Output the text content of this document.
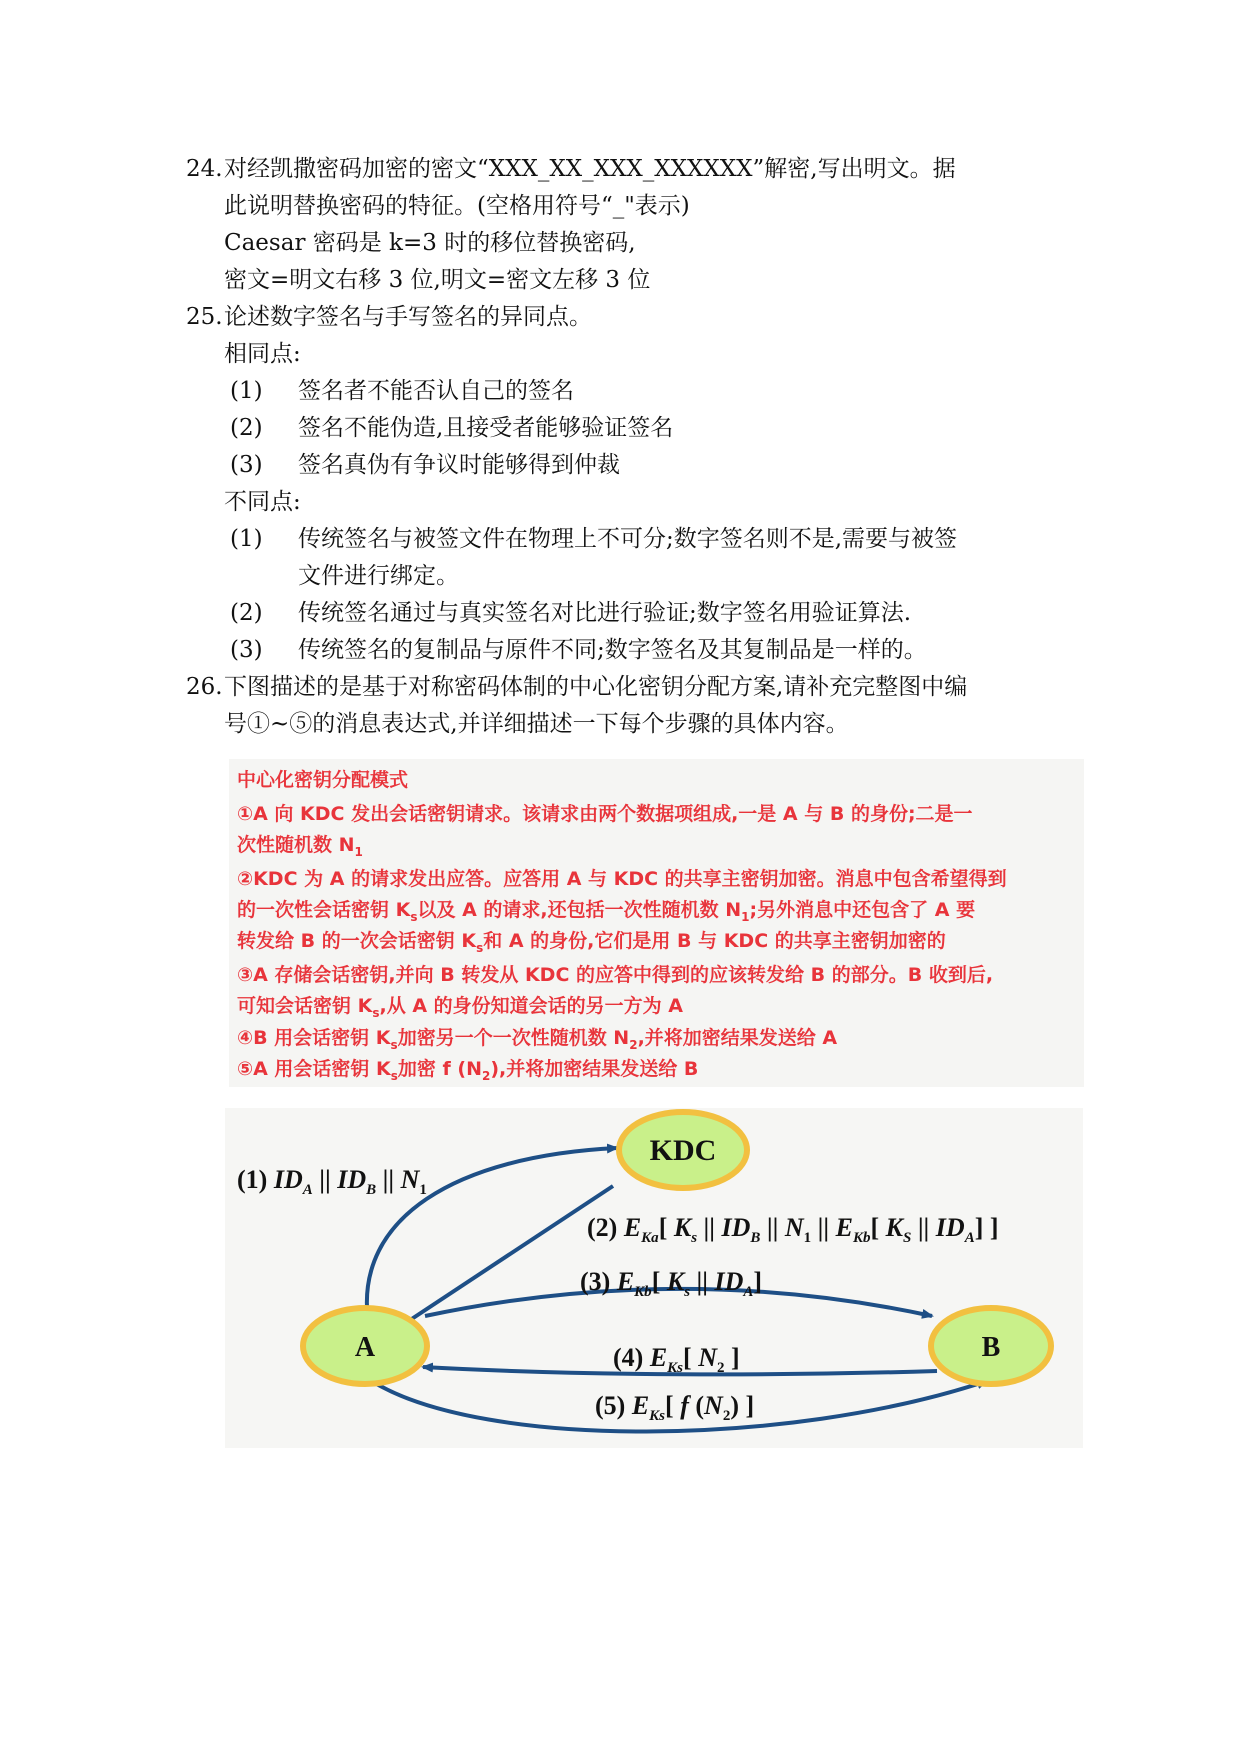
24. 对经凯撒密码加密的密文“XXX_XX_XXX_XXXXXX”解密,写出明文。据
此说明替换密码的特征。(空格用符号“_"表示)
Caesar 密码是 k=3 时的移位替换密码,
密文=明文右移 3 位,明文=密文左移 3 位
25. 论述数字签名与手写签名的异同点。
相同点:
(1) 签名者不能否认自己的签名
(2) 签名不能伪造,且接受者能够验证签名
(3) 签名真伪有争议时能够得到仲裁
不同点:
(1) 传统签名与被签文件在物理上不可分;数字签名则不是,需要与被签
文件进行绑定。
(2) 传统签名通过与真实签名对比进行验证;数字签名用验证算法.
(3) 传统签名的复制品与原件不同;数字签名及其复制品是一样的。
26. 下图描述的是基于对称密码体制的中心化密钥分配方案,请补充完整图中编
号①~⑤的消息表达式,并详细描述一下每个步骤的具体内容。
中心化密钥分配模式
①A 向 KDC 发出会话密钥请求。该请求由两个数据项组成,一是 A 与 B 的身份;二是一
次性随机数 $N_1$
②KDC 为 A 的请求发出应答。应答用 A 与 KDC 的共享主密钥加密。消息中包含希望得到
的一次性会话密钥 $K_s$以及 A 的请求,还包括一次性随机数 $N_1$;另外消息中还包含了 A 要
转发给 B 的一次会话密钥 $K_s$和 A 的身份,它们是用 B 与 KDC 的共享主密钥加密的
③A 存储会话密钥,并向 B 转发从 KDC 的应答中得到的应该转发给 B 的部分。B 收到后,
可知会话密钥 $K_s$,从 A 的身份知道会话的另一方为 A
④B 用会话密钥 $K_s$加密另一个一次性随机数 $N_2$,并将加密结果发送给 A
⑤A 用会话密钥 $K_s$加密 f $(N_2)$,并将加密结果发送给 B
KDC
A	B
(1) $ID_A$ || $ID_B$ || $N_1$
(2) $E_{Ka}$[ $K_s$ || $ID_B$ || $N_1$ || $E_{Kb}$[ $K_S$ || $ID_A$] ]
(3) $E_{Kb}$[ $K_s$ || $ID_A$]
(4) $E_{Ks}$[ $N_2$ ]
(5) $E_{Ks}$[ f $(N_2)$ ]
